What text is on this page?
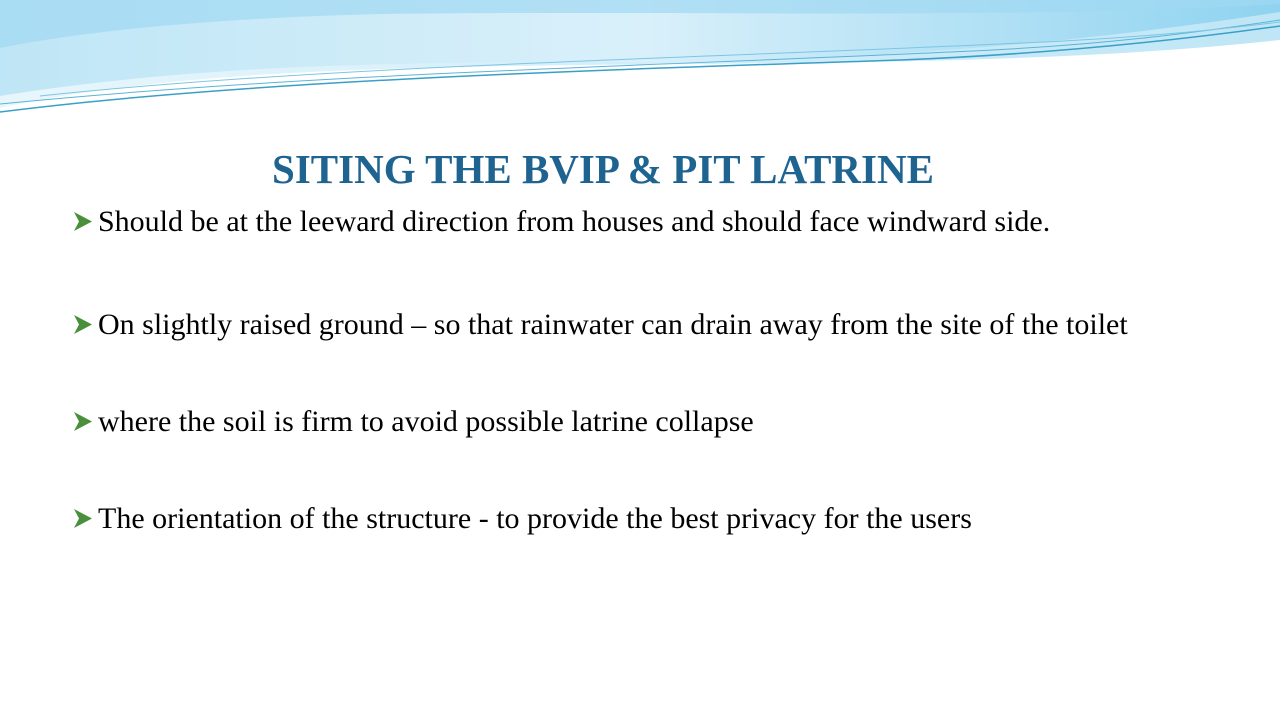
SITING THE BVIP & PIT LATRINE
Should be at the leeward direction from houses and should face windward side.
On slightly raised ground – so that rainwater can drain away from the site of the toilet
where the soil is firm to avoid possible latrine collapse
The orientation of the structure - to provide the best privacy for the users
